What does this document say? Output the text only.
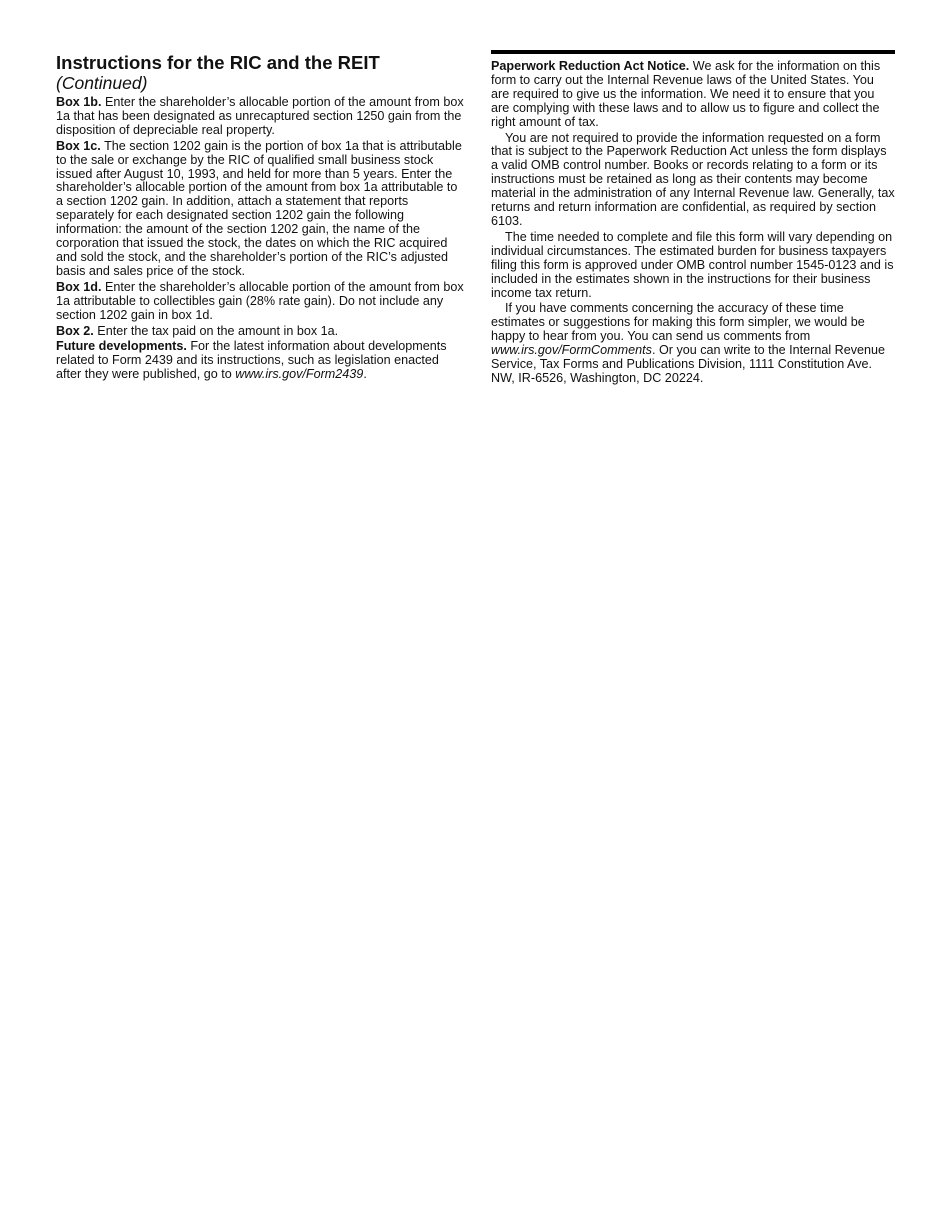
Instructions for the RIC and the REIT
(Continued)

Box 1b. Enter the shareholder’s allocable portion of the amount from box 1a that has been designated as unrecaptured section 1250 gain from the disposition of depreciable real property.

Box 1c. The section 1202 gain is the portion of box 1a that is attributable to the sale or exchange by the RIC of qualified small business stock issued after August 10, 1993, and held for more than 5 years. Enter the shareholder’s allocable portion of the amount from box 1a attributable to a section 1202 gain. In addition, attach a statement that reports separately for each designated section 1202 gain the following information: the amount of the section 1202 gain, the name of the corporation that issued the stock, the dates on which the RIC acquired and sold the stock, and the shareholder’s portion of the RIC’s adjusted basis and sales price of the stock.

Box 1d. Enter the shareholder’s allocable portion of the amount from box 1a attributable to collectibles gain (28% rate gain). Do not include any section 1202 gain in box 1d.

Box 2. Enter the tax paid on the amount in box 1a.

Future developments. For the latest information about developments related to Form 2439 and its instructions, such as legislation enacted after they were published, go to www.irs.gov/Form2439.

Paperwork Reduction Act Notice. We ask for the information on this form to carry out the Internal Revenue laws of the United States. You are required to give us the information. We need it to ensure that you are complying with these laws and to allow us to figure and collect the right amount of tax.

You are not required to provide the information requested on a form that is subject to the Paperwork Reduction Act unless the form displays a valid OMB control number. Books or records relating to a form or its instructions must be retained as long as their contents may become material in the administration of any Internal Revenue law. Generally, tax returns and return information are confidential, as required by section 6103.

The time needed to complete and file this form will vary depending on individual circumstances. The estimated burden for business taxpayers filing this form is approved under OMB control number 1545-0123 and is included in the estimates shown in the instructions for their business income tax return.

If you have comments concerning the accuracy of these time estimates or suggestions for making this form simpler, we would be happy to hear from you. You can send us comments from www.irs.gov/FormComments. Or you can write to the Internal Revenue Service, Tax Forms and Publications Division, 1111 Constitution Ave. NW, IR-6526, Washington, DC 20224.
